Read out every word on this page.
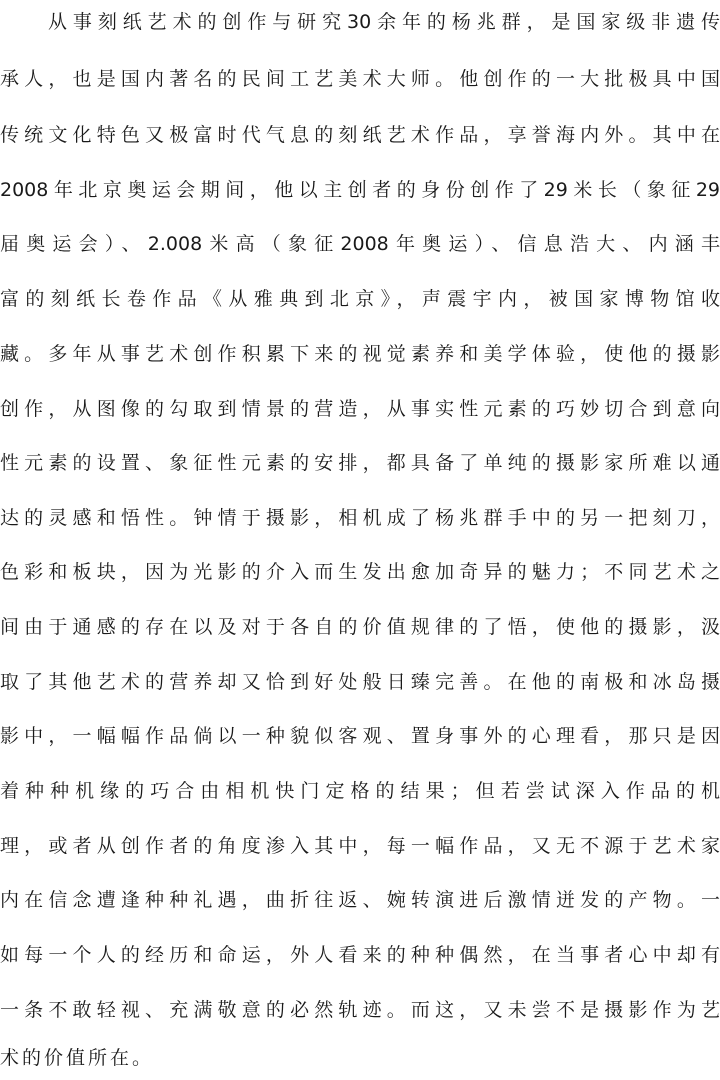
从事刻纸艺术的创作与研究30余年的杨兆群，是国家级非遗传
承人，也是国内著名的民间工艺美术大师。他创作的一大批极具中国
传统文化特色又极富时代气息的刻纸艺术作品，享誉海内外。其中在
2008年北京奥运会期间，他以主创者的身份创作了29米长（象征29
届奥运会）、2.008米高（象征2008年奥运）、信息浩大、内涵丰
富的刻纸长卷作品《从雅典到北京》，声震宇内，被国家博物馆收
藏。多年从事艺术创作积累下来的视觉素养和美学体验，使他的摄影
创作，从图像的勾取到情景的营造，从事实性元素的巧妙切合到意向
性元素的设置、象征性元素的安排，都具备了单纯的摄影家所难以通
达的灵感和悟性。钟情于摄影，相机成了杨兆群手中的另一把刻刀，
色彩和板块，因为光影的介入而生发出愈加奇异的魅力；不同艺术之
间由于通感的存在以及对于各自的价值规律的了悟，使他的摄影，汲
取了其他艺术的营养却又恰到好处般日臻完善。在他的南极和冰岛摄
影中，一幅幅作品倘以一种貌似客观、置身事外的心理看，那只是因
着种种机缘的巧合由相机快门定格的结果；但若尝试深入作品的机
理，或者从创作者的角度渗入其中，每一幅作品，又无不源于艺术家
内在信念遭逢种种礼遇，曲折往返、婉转演进后激情迸发的产物。一
如每一个人的经历和命运，外人看来的种种偶然，在当事者心中却有
一条不敢轻视、充满敬意的必然轨迹。而这，又未尝不是摄影作为艺
术的价值所在。
